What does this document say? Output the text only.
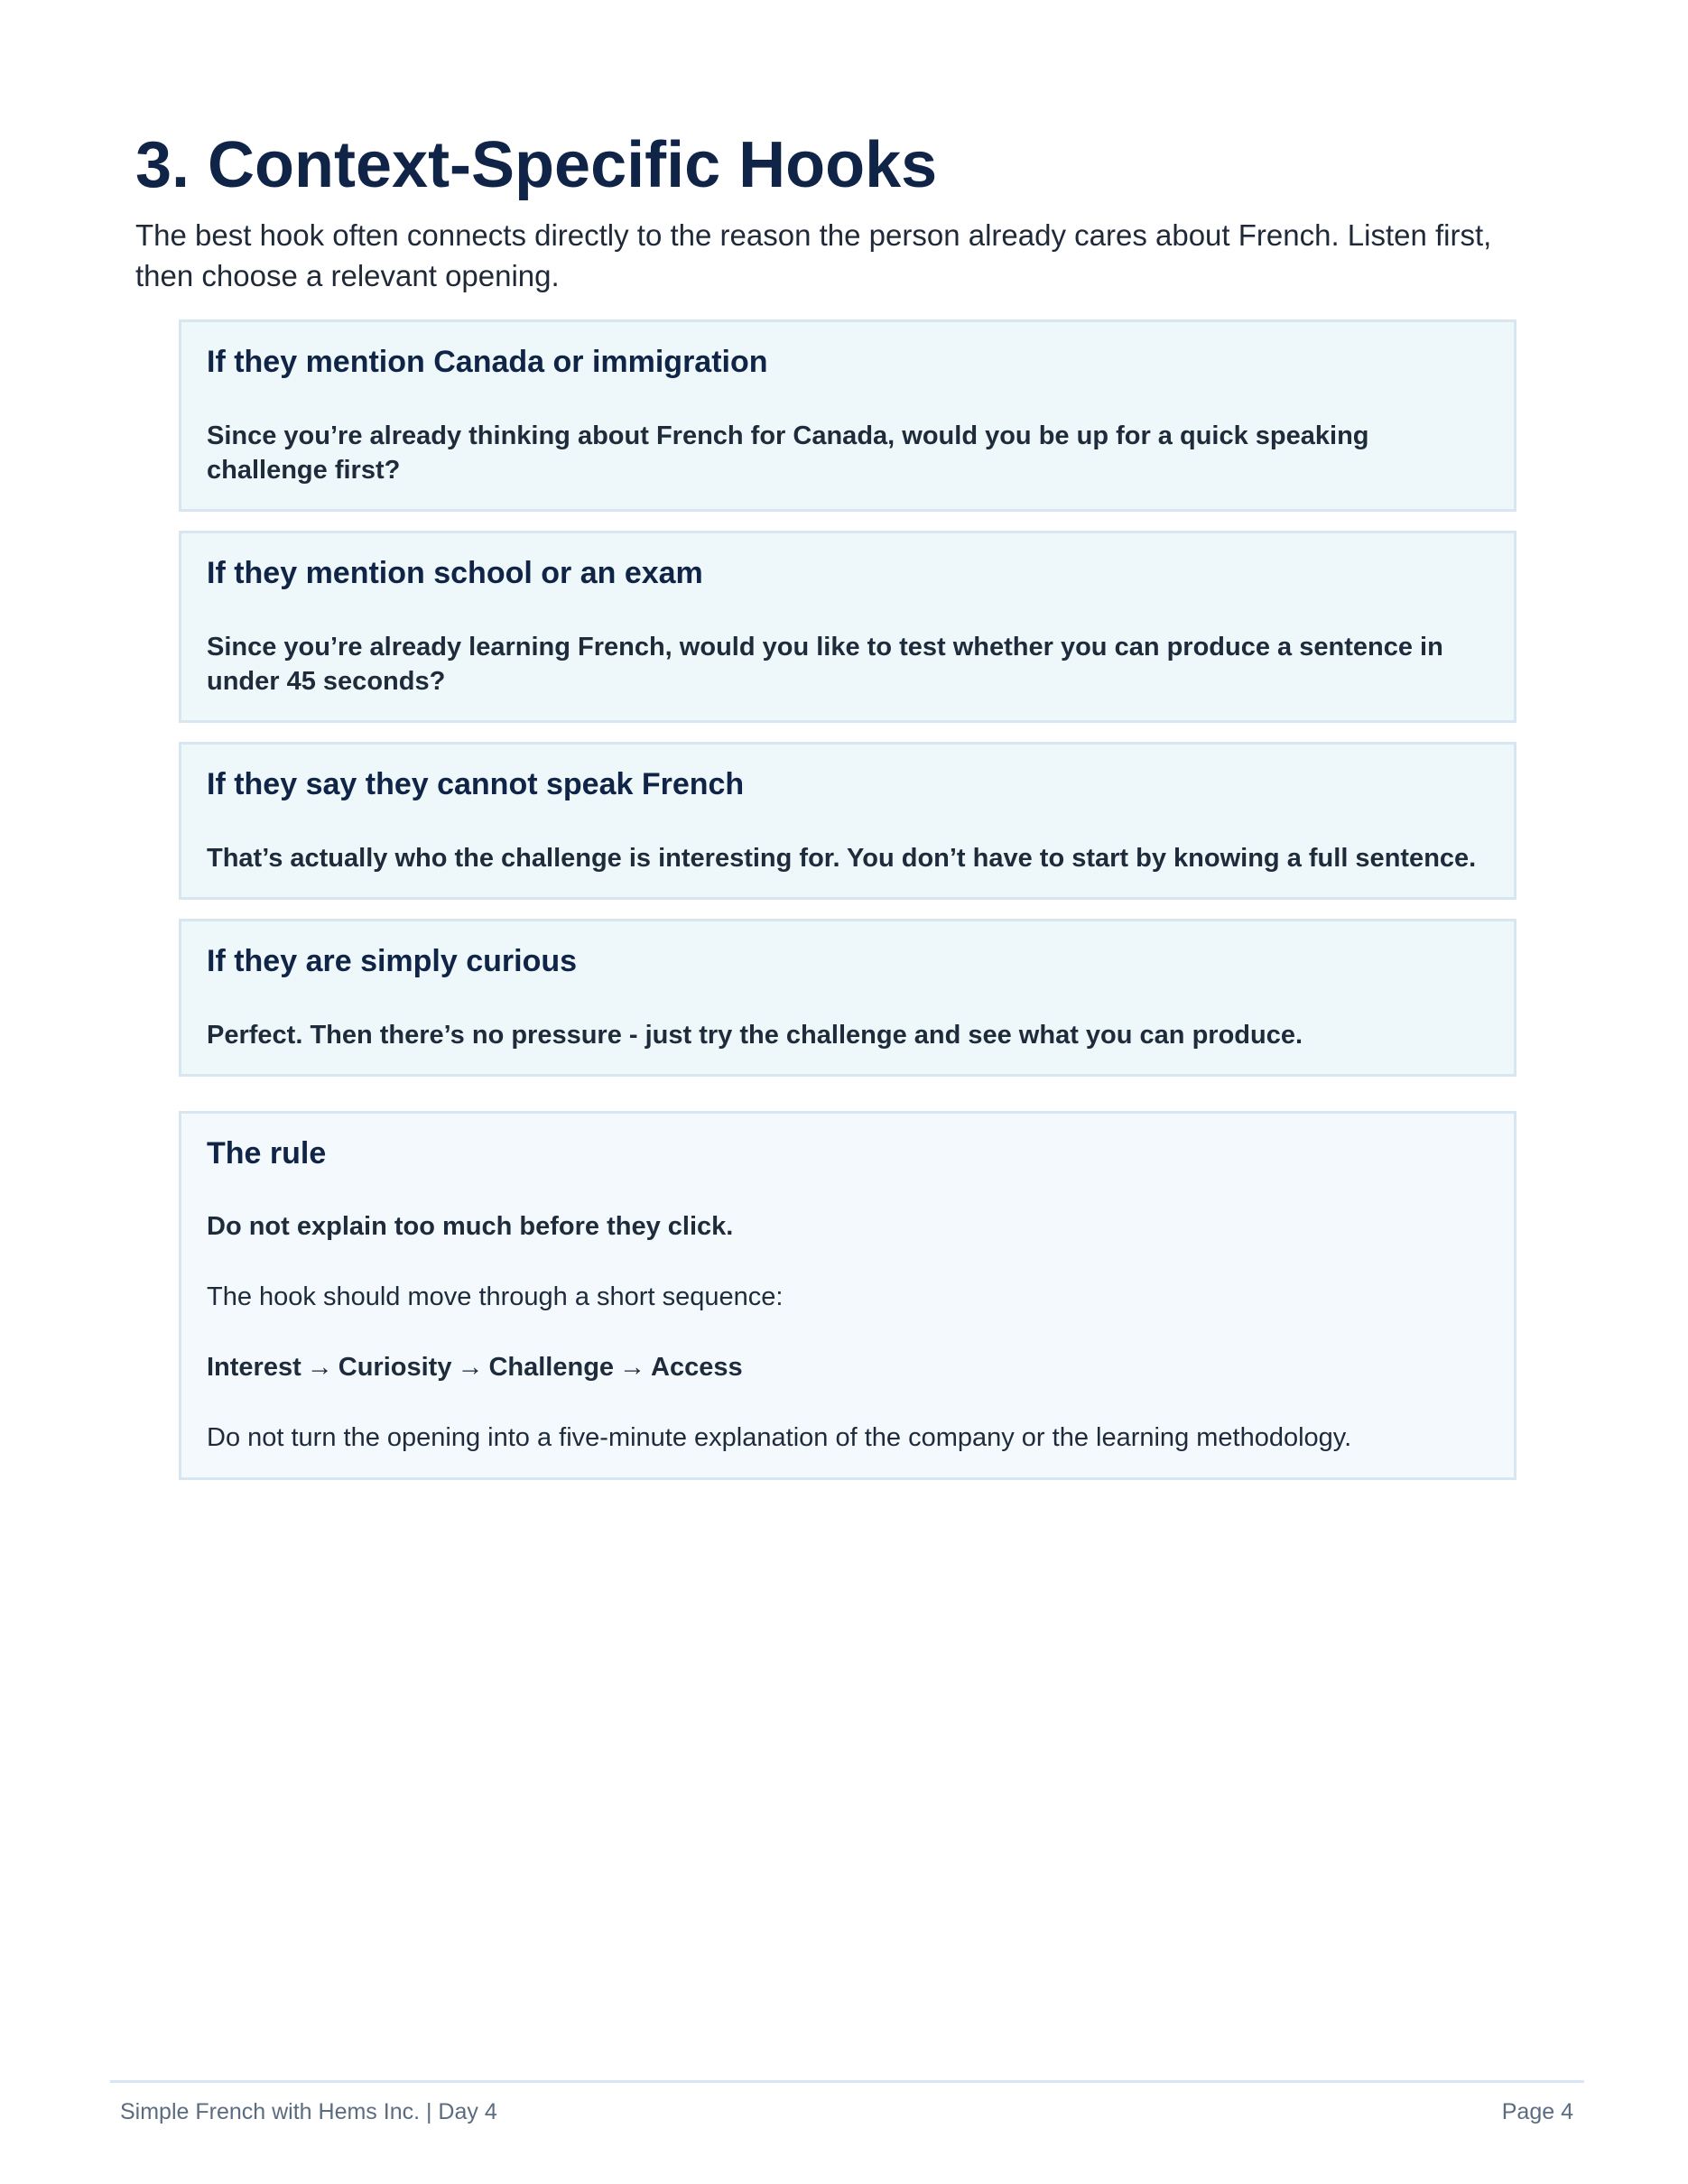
3. Context-Specific Hooks
The best hook often connects directly to the reason the person already cares about French. Listen first, then choose a relevant opening.
If they mention Canada or immigration
Since you’re already thinking about French for Canada, would you be up for a quick speaking challenge first?
If they mention school or an exam
Since you’re already learning French, would you like to test whether you can produce a sentence in under 45 seconds?
If they say they cannot speak French
That’s actually who the challenge is interesting for. You don’t have to start by knowing a full sentence.
If they are simply curious
Perfect. Then there’s no pressure - just try the challenge and see what you can produce.
The rule

Do not explain too much before they click.

The hook should move through a short sequence:

Interest → Curiosity → Challenge → Access

Do not turn the opening into a five-minute explanation of the company or the learning methodology.

Simple French with Hems Inc. | Day 4	Page 4
